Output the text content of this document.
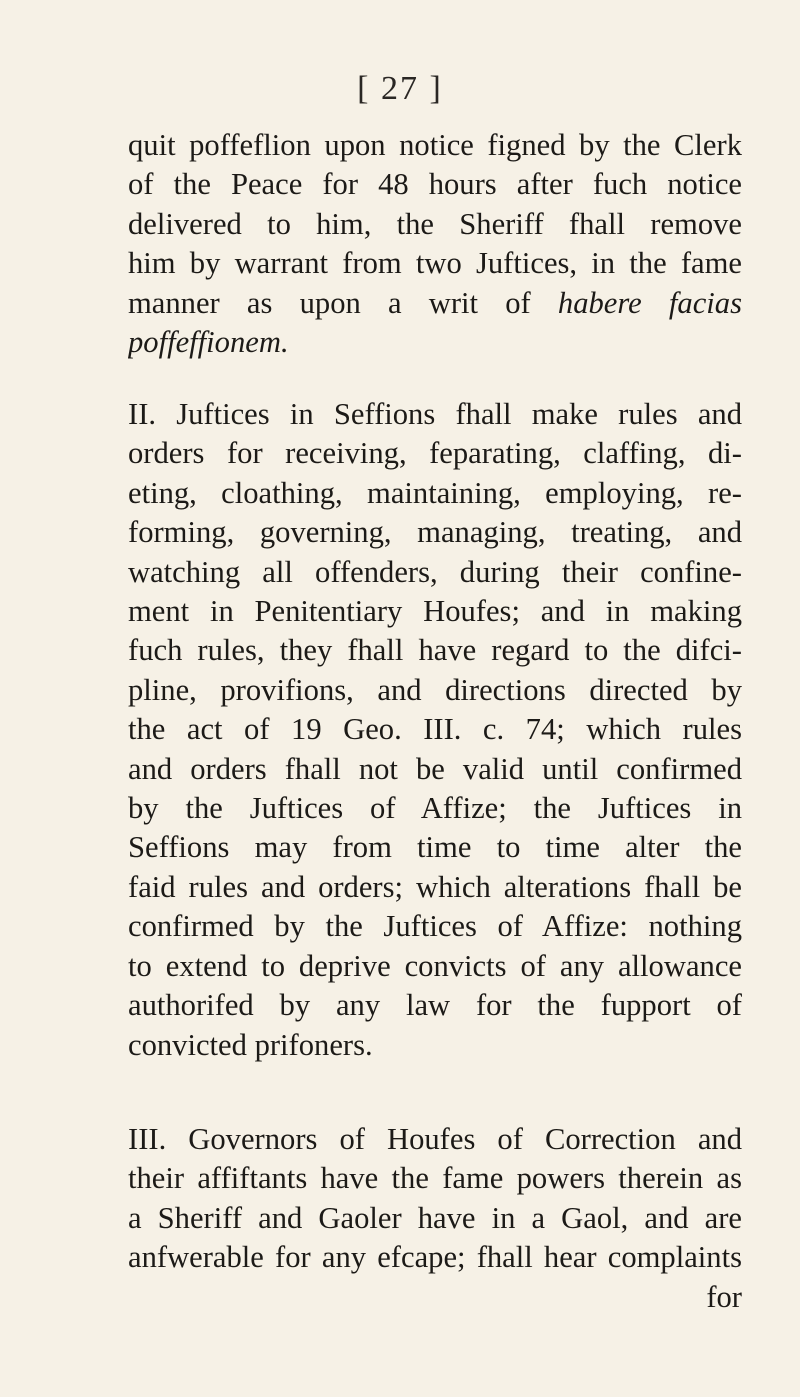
[ 27 ]
quit poffeflion upon notice figned by the Clerk
of the Peace for 48 hours after fuch notice
delivered to him, the Sheriff fhall remove
him by warrant from two Juftices, in the fame
manner as upon a writ of habere facias
poffeffionem.
II. Juftices in Seffions fhall make rules and
orders for receiving, feparating, claffing, di-
eting, cloathing, maintaining, employing, re-
forming, governing, managing, treating, and
watching all offenders, during their confine-
ment in Penitentiary Houfes; and in making
fuch rules, they fhall have regard to the difci-
pline, provifions, and directions directed by
the act of 19 Geo. III. c. 74; which rules
and orders fhall not be valid until confirmed
by the Juftices of Affize; the Juftices in
Seffions may from time to time alter the
faid rules and orders; which alterations fhall be
confirmed by the Juftices of Affize: nothing
to extend to deprive convicts of any allowance
authorifed by any law for the fupport of
convicted prifoners.
III. Governors of Houfes of Correction and
their affiftants have the fame powers therein as
a Sheriff and Gaoler have in a Gaol, and are
anfwerable for any efcape; fhall hear complaints
for
